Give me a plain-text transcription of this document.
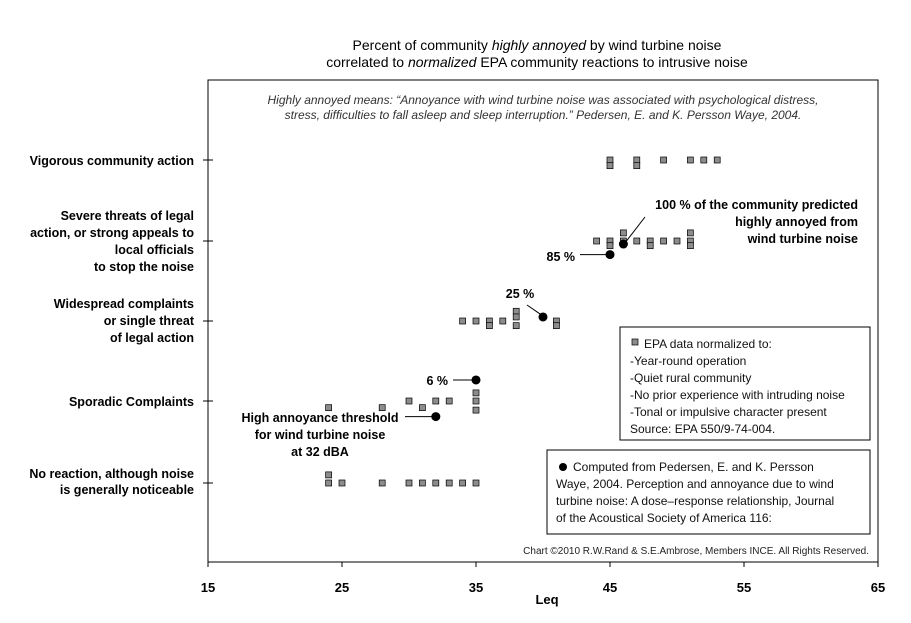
Percent of community highly annoyed by wind turbine noise
correlated to normalized EPA community reactions to intrusive noise
Highly annoyed means: “Annoyance with wind turbine noise was associated with psychological distress,
stress, difficulties to fall asleep and sleep interruption.” Pedersen, E. and K. Persson Waye, 2004.
15	25	35	45	55	65
No reaction, although noise
is generally noticeable
Sporadic Complaints
Widespread complaints
or single threat
of legal action
Severe threats of legal
action, or strong appeals to
local officials
to stop the noise
Vigorous community action
High annoyance threshold
for wind turbine noise
at 32 dBA
6 %
25 %
85 %
100 % of the community predicted
highly annoyed from
wind turbine noise
Leq
EPA data normalized to:
-Year-round operation
-Quiet rural community
-No prior experience with intruding noise
-Tonal or impulsive character present
Source: EPA 550/9-74-004.
Computed from Pedersen, E. and K. Persson
Waye, 2004. Perception and annoyance due to wind
turbine noise: A dose–response relationship, Journal
of the Acoustical Society of America 116:
Chart ©2010 R.W.Rand & S.E.Ambrose, Members INCE. All Rights Reserved.
